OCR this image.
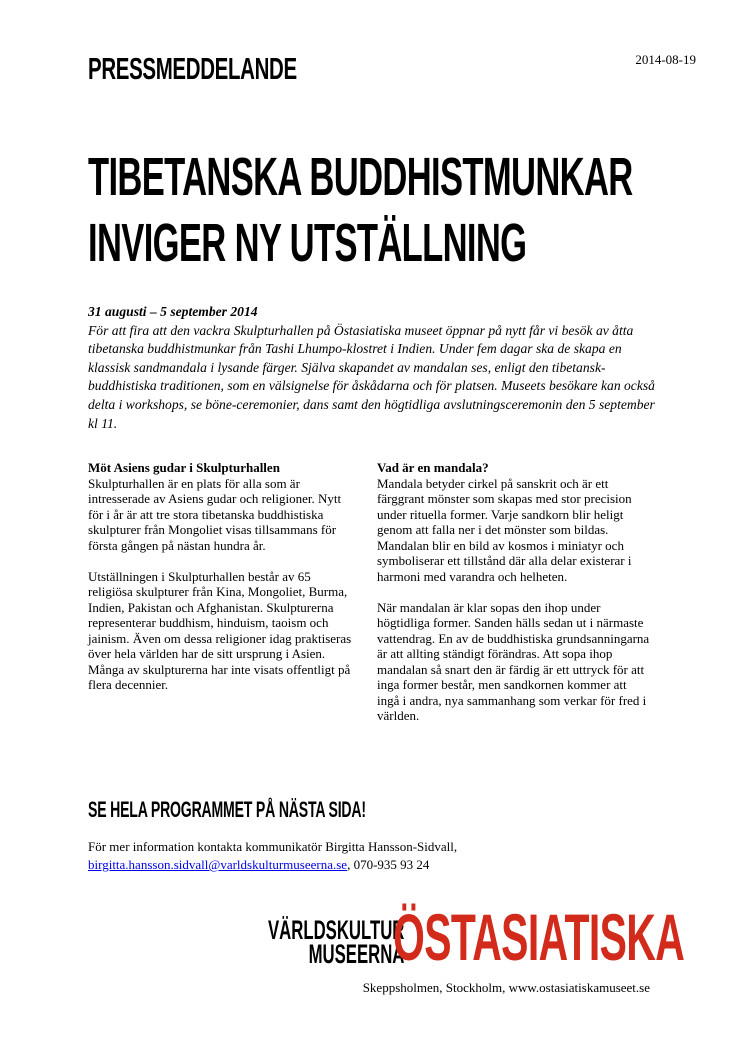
PRESSMEDDELANDE	2014-08-19
TIBETANSKA BUDDHISTMUNKAR
INVIGER NY UTSTÄLLNING
31 augusti – 5 september 2014
För att fira att den vackra Skulpturhallen på Östasiatiska museet öppnar på nytt får vi besök av åtta tibetanska buddhistmunkar från Tashi Lhumpo-klostret i Indien. Under fem dagar ska de skapa en klassisk sandmandala i lysande färger. Själva skapandet av mandalan ses, enligt den tibetansk-buddhistiska traditionen, som en välsignelse för åskådarna och för platsen. Museets besökare kan också delta i workshops, se böne-ceremonier, dans samt den högtidliga avslutningsceremonin den 5 september kl 11.
Möt Asiens gudar i Skulpturhallen

Skulpturhallen är en plats för alla som är intresserade av Asiens gudar och religioner. Nytt för i år är att tre stora tibetanska buddhistiska skulpturer från Mongoliet visas tillsammans för första gången på nästan hundra år.

Utställningen i Skulpturhallen består av 65 religiösa skulpturer från Kina, Mongoliet, Burma, Indien, Pakistan och Afghanistan. Skulpturerna representerar buddhism, hinduism, taoism och jainism. Även om dessa religioner idag praktiseras över hela världen har de sitt ursprung i Asien. Många av skulpturerna har inte visats offentligt på flera decennier.

Vad är en mandala?

Mandala betyder cirkel på sanskrit och är ett färggrant mönster som skapas med stor precision under rituella former. Varje sandkorn blir heligt genom att falla ner i det mönster som bildas. Mandalan blir en bild av kosmos i miniatyr och symboliserar ett tillstånd där alla delar existerar i harmoni med varandra och helheten.

När mandalan är klar sopas den ihop under högtidliga former. Sanden hälls sedan ut i närmaste vattendrag. En av de buddhistiska grundsanningarna är att allting ständigt förändras. Att sopa ihop mandalan så snart den är färdig är ett uttryck för att inga former består, men sandkornen kommer att ingå i andra, nya sammanhang som verkar för fred i världen.

SE HELA PROGRAMMET PÅ NÄSTA SIDA!
För mer information kontakta kommunikatör Birgitta Hansson-Sidvall,
birgitta.hansson.sidvall@varldskulturmuseerna.se, 070-935 93 24
VÄRLDSKULTUR
MUSEERNA
ÖSTASIATISKA
Skeppsholmen, Stockholm, www.ostasiatiskamuseet.se
